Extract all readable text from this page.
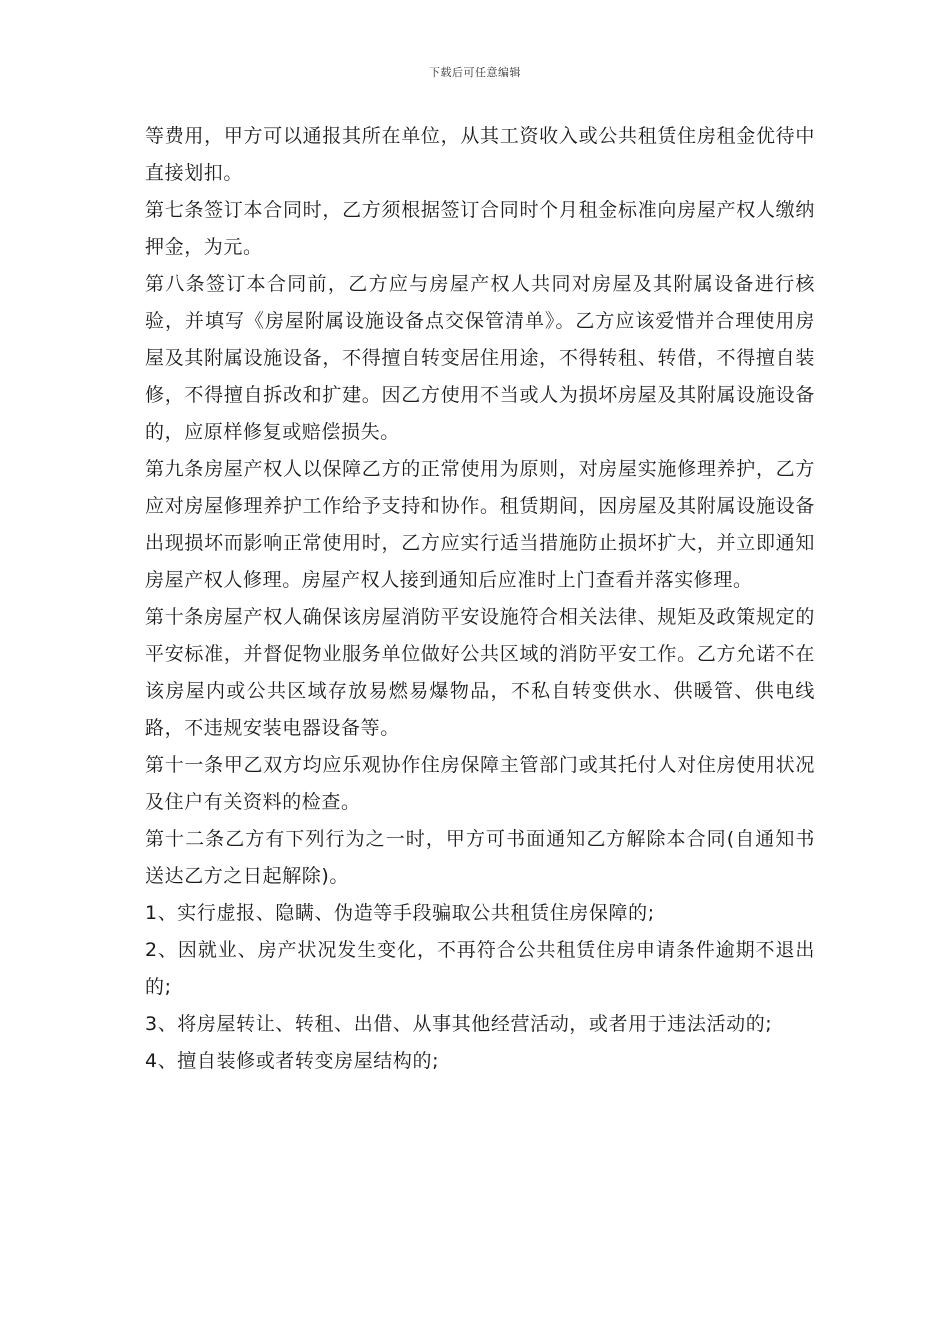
下载后可任意编辑

等费用，甲方可以通报其所在单位，从其工资收入或公共租赁住房租金优待中直接划扣。

第七条签订本合同时，乙方须根据签订合同时个月租金标准向房屋产权人缴纳押金，为元。

第八条签订本合同前，乙方应与房屋产权人共同对房屋及其附属设备进行核验，并填写《房屋附属设施设备点交保管清单》。乙方应该爱惜并合理使用房屋及其附属设施设备，不得擅自转变居住用途，不得转租、转借，不得擅自装修，不得擅自拆改和扩建。因乙方使用不当或人为损坏房屋及其附属设施设备的，应原样修复或赔偿损失。

第九条房屋产权人以保障乙方的正常使用为原则，对房屋实施修理养护，乙方应对房屋修理养护工作给予支持和协作。租赁期间，因房屋及其附属设施设备出现损坏而影响正常使用时，乙方应实行适当措施防止损坏扩大，并立即通知房屋产权人修理。房屋产权人接到通知后应准时上门查看并落实修理。

第十条房屋产权人确保该房屋消防平安设施符合相关法律、规矩及政策规定的平安标准，并督促物业服务单位做好公共区域的消防平安工作。乙方允诺不在该房屋内或公共区域存放易燃易爆物品，不私自转变供水、供暖管、供电线路，不违规安装电器设备等。

第十一条甲乙双方均应乐观协作住房保障主管部门或其托付人对住房使用状况及住户有关资料的检查。

第十二条乙方有下列行为之一时，甲方可书面通知乙方解除本合同(自通知书送达乙方之日起解除)。

1、实行虚报、隐瞒、伪造等手段骗取公共租赁住房保障的;

2、因就业、房产状况发生变化，不再符合公共租赁住房申请条件逾期不退出的;

3、将房屋转让、转租、出借、从事其他经营活动，或者用于违法活动的;

4、擅自装修或者转变房屋结构的;
